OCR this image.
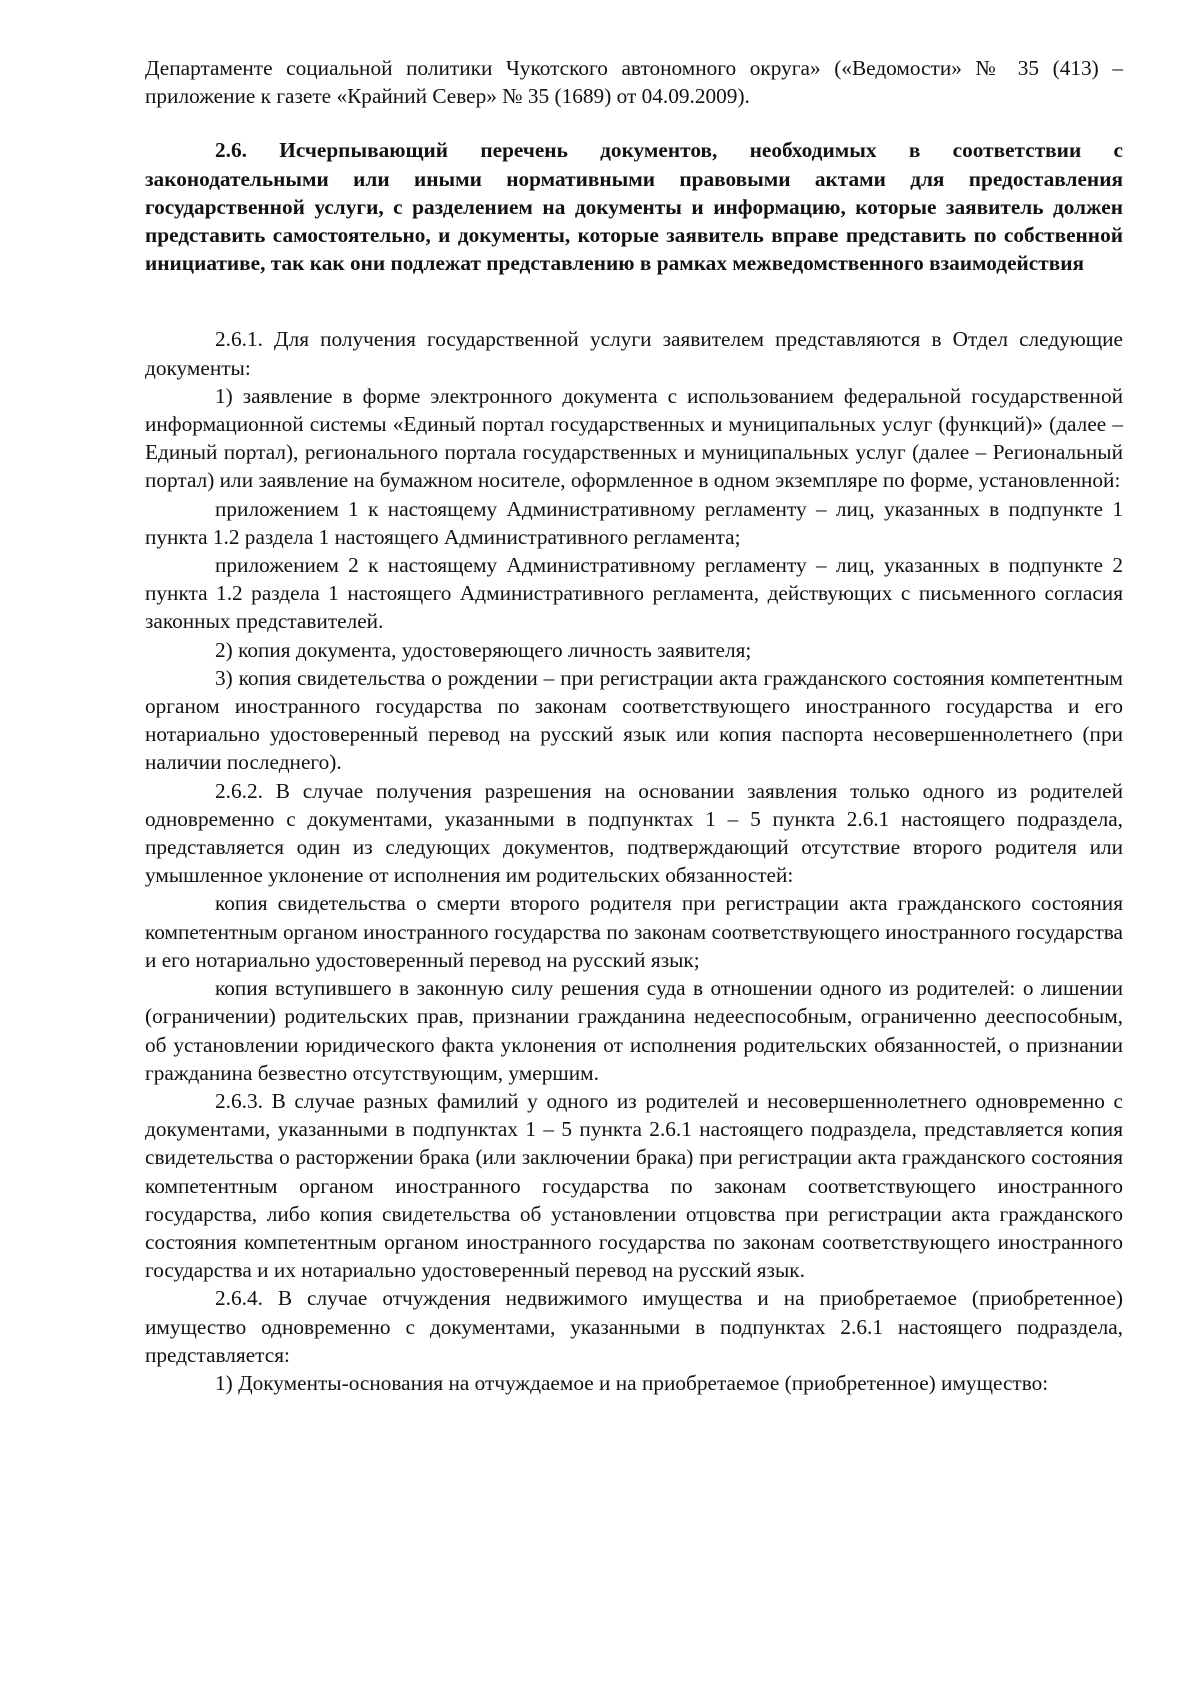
Департаменте социальной политики Чукотского автономного округа» («Ведомости» № 35 (413) – приложение к газете «Крайний Север» № 35 (1689) от 04.09.2009).

2.6. Исчерпывающий перечень документов, необходимых в соответствии с законодательными или иными нормативными правовыми актами для предоставления государственной услуги, с разделением на документы и информацию, которые заявитель должен представить самостоятельно, и документы, которые заявитель вправе представить по собственной инициативе, так как они подлежат представлению в рамках межведомственного взаимодействия

2.6.1. Для получения государственной услуги заявителем представляются в Отдел следующие документы:

1) заявление в форме электронного документа с использованием федеральной государственной информационной системы «Единый портал государственных и муниципальных услуг (функций)» (далее – Единый портал), регионального портала государственных и муниципальных услуг (далее – Региональный портал) или заявление на бумажном носителе, оформленное в одном экземпляре по форме, установленной:

приложением 1 к настоящему Административному регламенту – лиц, указанных в подпункте 1 пункта 1.2 раздела 1 настоящего Административного регламента;

приложением 2 к настоящему Административному регламенту – лиц, указанных в подпункте 2 пункта 1.2 раздела 1 настоящего Административного регламента, действующих с письменного согласия законных представителей.

2) копия документа, удостоверяющего личность заявителя;

3) копия свидетельства о рождении – при регистрации акта гражданского состояния компетентным органом иностранного государства по законам соответствующего иностранного государства и его нотариально удостоверенный перевод на русский язык или копия паспорта несовершеннолетнего (при наличии последнего).

2.6.2. В случае получения разрешения на основании заявления только одного из родителей одновременно с документами, указанными в подпунктах 1 – 5 пункта 2.6.1 настоящего подраздела, представляется один из следующих документов, подтверждающий отсутствие второго родителя или умышленное уклонение от исполнения им родительских обязанностей:

копия свидетельства о смерти второго родителя при регистрации акта гражданского состояния компетентным органом иностранного государства по законам соответствующего иностранного государства и его нотариально удостоверенный перевод на русский язык;

копия вступившего в законную силу решения суда в отношении одного из родителей: о лишении (ограничении) родительских прав, признании гражданина недееспособным, ограниченно дееспособным, об установлении юридического факта уклонения от исполнения родительских обязанностей, о признании гражданина безвестно отсутствующим, умершим.

2.6.3. В случае разных фамилий у одного из родителей и несовершеннолетнего одновременно с документами, указанными в подпунктах 1 – 5 пункта 2.6.1 настоящего подраздела, представляется копия свидетельства о расторжении брака (или заключении брака) при регистрации акта гражданского состояния компетентным органом иностранного государства по законам соответствующего иностранного государства, либо копия свидетельства об установлении отцовства при регистрации акта гражданского состояния компетентным органом иностранного государства по законам соответствующего иностранного государства и их нотариально удостоверенный перевод на русский язык.

2.6.4. В случае отчуждения недвижимого имущества и на приобретаемое (приобретенное) имущество одновременно с документами, указанными в подпунктах 2.6.1 настоящего подраздела, представляется:

1) Документы-основания на отчуждаемое и на приобретаемое (приобретенное) имущество:
